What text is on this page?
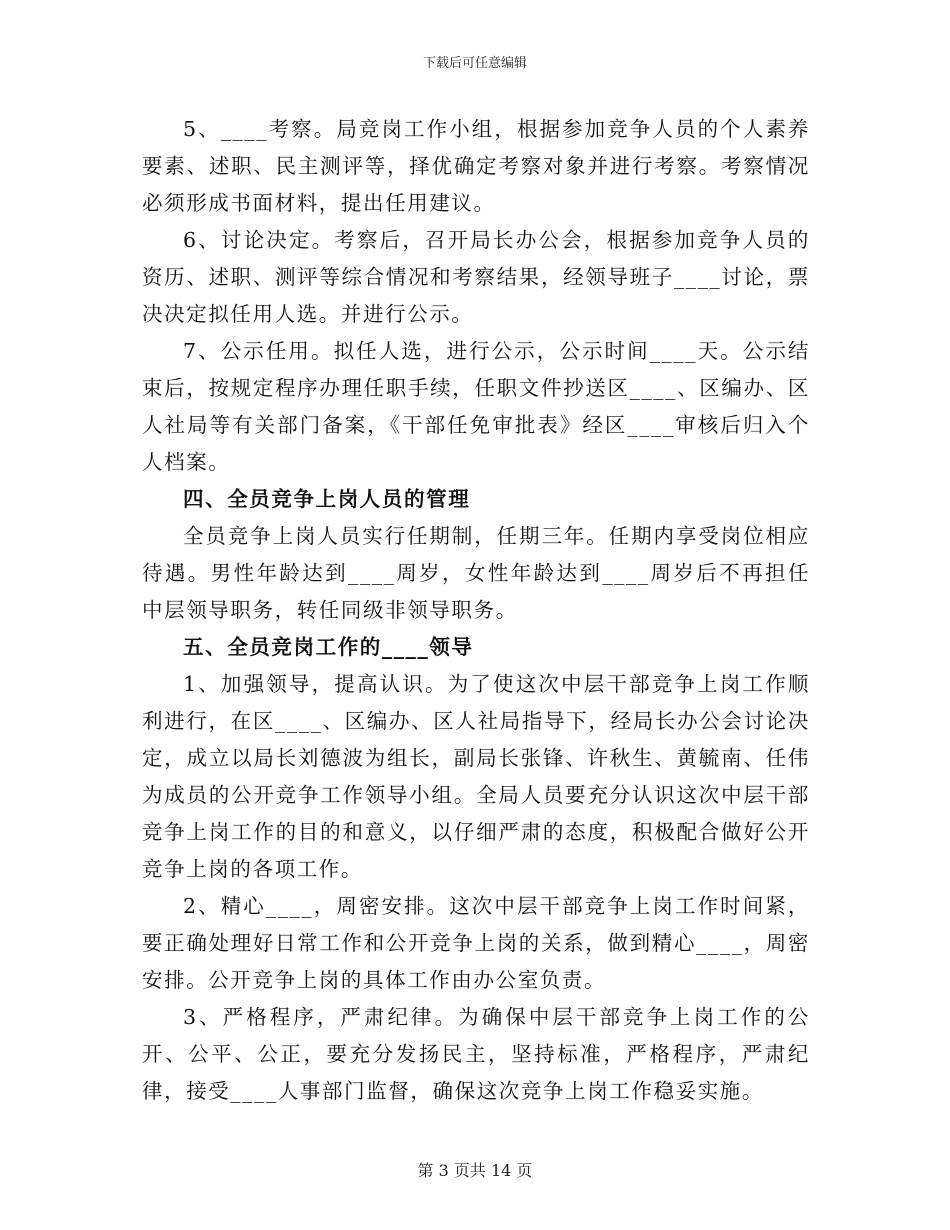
下载后可任意编辑

5、____考察。局竞岗工作小组，根据参加竞争人员的个人素养要素、述职、民主测评等，择优确定考察对象并进行考察。考察情况必须形成书面材料，提出任用建议。

6、讨论决定。考察后，召开局长办公会，根据参加竞争人员的资历、述职、测评等综合情况和考察结果，经领导班子____讨论，票决决定拟任用人选。并进行公示。

7、公示任用。拟任人选，进行公示，公示时间____天。公示结束后，按规定程序办理任职手续，任职文件抄送区____、区编办、区人社局等有关部门备案，《干部任免审批表》经区____审核后归入个人档案。

四、全员竞争上岗人员的管理

全员竞争上岗人员实行任期制，任期三年。任期内享受岗位相应待遇。男性年龄达到____周岁，女性年龄达到____周岁后不再担任中层领导职务，转任同级非领导职务。

五、全员竞岗工作的____领导

1、加强领导，提高认识。为了使这次中层干部竞争上岗工作顺利进行，在区____、区编办、区人社局指导下，经局长办公会讨论决定，成立以局长刘德波为组长，副局长张锋、许秋生、黄毓南、任伟为成员的公开竞争工作领导小组。全局人员要充分认识这次中层干部竞争上岗工作的目的和意义，以仔细严肃的态度，积极配合做好公开竞争上岗的各项工作。

2、精心____，周密安排。这次中层干部竞争上岗工作时间紧，要正确处理好日常工作和公开竞争上岗的关系，做到精心____，周密安排。公开竞争上岗的具体工作由办公室负责。

3、严格程序，严肃纪律。为确保中层干部竞争上岗工作的公开、公平、公正，要充分发扬民主，坚持标准，严格程序，严肃纪律，接受____人事部门监督，确保这次竞争上岗工作稳妥实施。

第 3 页共 14 页
